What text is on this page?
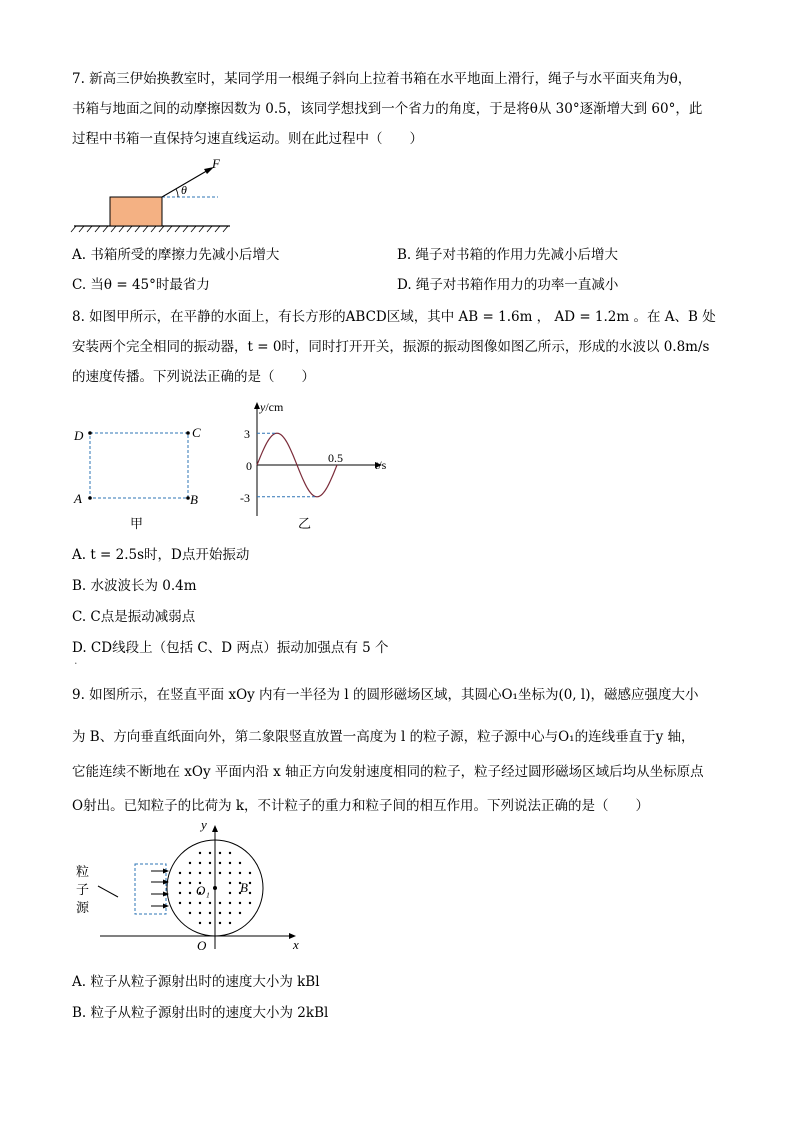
7. 新高三伊始换教室时，某同学用一根绳子斜向上拉着书箱在水平地面上滑行，绳子与水平面夹角为θ，
书箱与地面之间的动摩擦因数为 0.5，该同学想找到一个省力的角度，于是将θ从 30°逐渐增大到 60°，此
过程中书箱一直保持匀速直线运动。则在此过程中（　　）
F
θ
A. 书箱所受的摩擦力先减小后增大	B. 绳子对书箱的作用力先减小后增大
C. 当θ = 45°时最省力	D. 绳子对书箱作用力的功率一直减小
8. 如图甲所示，在平静的水面上，有长方形的ABCD区域，其中 AB = 1.6m ， AD = 1.2m 。在 A、B 处
安装两个完全相同的振动器，t = 0时，同时打开开关，振源的振动图像如图乙所示，形成的水波以 0.8m/s
的速度传播。下列说法正确的是（　　）
D	C
A	B
甲
y/cm
t/s
3
0
-3
0.5
乙
A. t = 2.5s时，D点开始振动
B. 水波波长为 0.4m
C. C点是振动减弱点
D. CD线段上（包括 C、D 两点）振动加强点有 5 个
.
9. 如图所示，在竖直平面 xOy 内有一半径为 l 的圆形磁场区域，其圆心O₁坐标为(0, l)，磁感应强度大小
为 B、方向垂直纸面向外，第二象限竖直放置一高度为 l 的粒子源，粒子源中心与O₁的连线垂直于y 轴，
它能连续不断地在 xOy 平面内沿 x 轴正方向发射速度相同的粒子，粒子经过圆形磁场区域后均从坐标原点
O射出。已知粒子的比荷为 k，不计粒子的重力和粒子间的相互作用。下列说法正确的是（　　）
粒
子
源
y
x
O
O₁ B
A. 粒子从粒子源射出时的速度大小为 kBl
B. 粒子从粒子源射出时的速度大小为 2kBl
